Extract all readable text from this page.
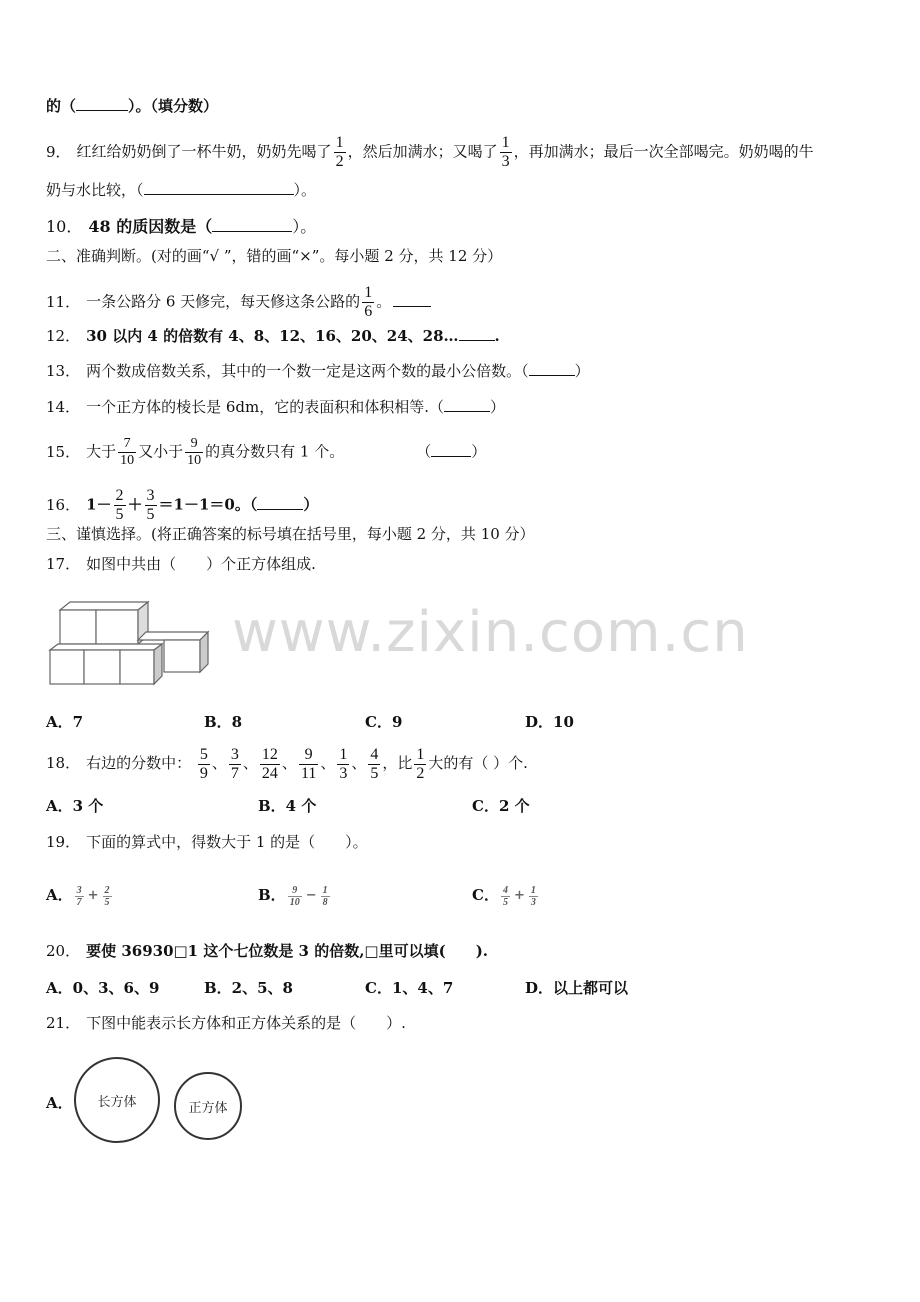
www.zixin.com.cn
的（	）。（填分数）
9． 红红给奶奶倒了一杯牛奶，奶奶先喝了 $\frac{1}{2}$ ，然后加满水；又喝了 $\frac{1}{3}$ ，再加满水；最后一次全部喝完。奶奶喝的牛
奶与水比较，（	）。
10． 48 的质因数是（	）。
二、准确判断。(对的画“√ ”，错的画“×”。每小题 2 分，共 12 分）
11． 一条公路分 6 天修完，每天修这条公路的 $\frac{1}{6}$ 。
12． 30 以内 4 的倍数有 4、8、12、16、20、24、28… .
13． 两个数成倍数关系，其中的一个数一定是这两个数的最小公倍数。（	）
14． 一个正方体的棱长是 6dm，它的表面积和体积相等.（	）
15． 大于 $\frac{7}{10}$ 又小于 $\frac{9}{10}$ 的真分数只有 1 个。	（	）
16． $1- \frac{2}{5} + \frac{3}{5} =1-1=0$。（	）
三、谨慎选择。(将正确答案的标号填在括号里，每小题 2 分，共 10 分）
17． 如图中共由（　　）个正方体组成.
A．7	B．8	C．9	D．10
18． 右边的分数中： $\frac{5}{9}$ 、 $\frac{3}{7}$ 、 $\frac{12}{24}$ 、 $\frac{9}{11}$ 、 $\frac{1}{3}$ 、 $\frac{4}{5}$ ，比 $\frac{1}{2}$ 大的有（ ）个.
A．3 个	B．4 个	C．2 个
19． 下面的算式中，得数大于 1 的是（　　）。
A． $\frac{3}{7} + \frac{2}{5}$	B． $\frac{9}{10} - \frac{1}{8}$	C． $\frac{4}{5} + \frac{1}{3}$
20． 要使 36930□1 这个七位数是 3 的倍数,□里可以填(　　).
A．0、3、6、9	B．2、5、8	C．1、4、7	D．以上都可以
21． 下图中能表示长方体和正方体关系的是（　　）.
A． 长方体	正方体
